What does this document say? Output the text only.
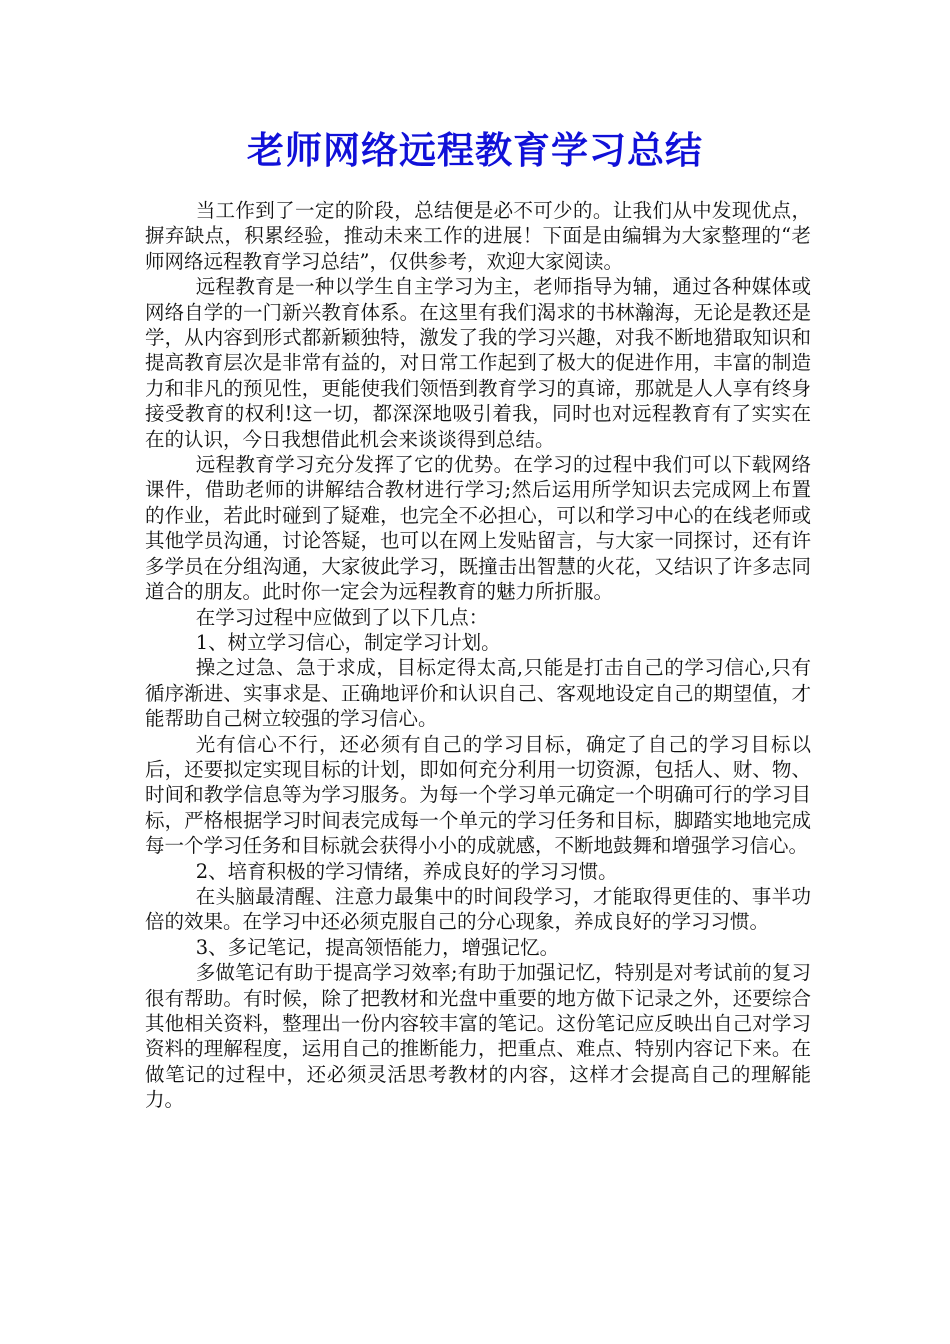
老师网络远程教育学习总结

当工作到了一定的阶段，总结便是必不可少的。让我们从中发现优点，摒弃缺点，积累经验，推动未来工作的进展！下面是由编辑为大家整理的“老师网络远程教育学习总结”，仅供参考，欢迎大家阅读。

远程教育是一种以学生自主学习为主，老师指导为辅，通过各种媒体或网络自学的一门新兴教育体系。在这里有我们渴求的书林瀚海，无论是教还是学，从内容到形式都新颖独特，激发了我的学习兴趣，对我不断地猎取知识和提高教育层次是非常有益的，对日常工作起到了极大的促进作用，丰富的制造力和非凡的预见性，更能使我们领悟到教育学习的真谛，那就是人人享有终身接受教育的权利!这一切，都深深地吸引着我，同时也对远程教育有了实实在在的认识，今日我想借此机会来谈谈得到总结。

远程教育学习充分发挥了它的优势。在学习的过程中我们可以下载网络课件，借助老师的讲解结合教材进行学习;然后运用所学知识去完成网上布置的作业，若此时碰到了疑难，也完全不必担心，可以和学习中心的在线老师或其他学员沟通，讨论答疑，也可以在网上发贴留言，与大家一同探讨，还有许多学员在分组沟通，大家彼此学习，既撞击出智慧的火花，又结识了许多志同道合的朋友。此时你一定会为远程教育的魅力所折服。

在学习过程中应做到了以下几点：

1、树立学习信心，制定学习计划。

操之过急、急于求成，目标定得太高,只能是打击自己的学习信心,只有循序渐进、实事求是、正确地评价和认识自己、客观地设定自己的期望值，才能帮助自己树立较强的学习信心。

光有信心不行，还必须有自己的学习目标，确定了自己的学习目标以后，还要拟定实现目标的计划，即如何充分利用一切资源，包括人、财、物、时间和教学信息等为学习服务。为每一个学习单元确定一个明确可行的学习目标，严格根据学习时间表完成每一个单元的学习任务和目标，脚踏实地地完成每一个学习任务和目标就会获得小小的成就感，不断地鼓舞和增强学习信心。

2、培育积极的学习情绪，养成良好的学习习惯。

在头脑最清醒、注意力最集中的时间段学习，才能取得更佳的、事半功倍的效果。在学习中还必须克服自己的分心现象，养成良好的学习习惯。

3、多记笔记，提高领悟能力，增强记忆。

多做笔记有助于提高学习效率;有助于加强记忆，特别是对考试前的复习很有帮助。有时候，除了把教材和光盘中重要的地方做下记录之外，还要综合其他相关资料，整理出一份内容较丰富的笔记。这份笔记应反映出自己对学习资料的理解程度，运用自己的推断能力，把重点、难点、特别内容记下来。在做笔记的过程中，还必须灵活思考教材的内容，这样才会提高自己的理解能力。
